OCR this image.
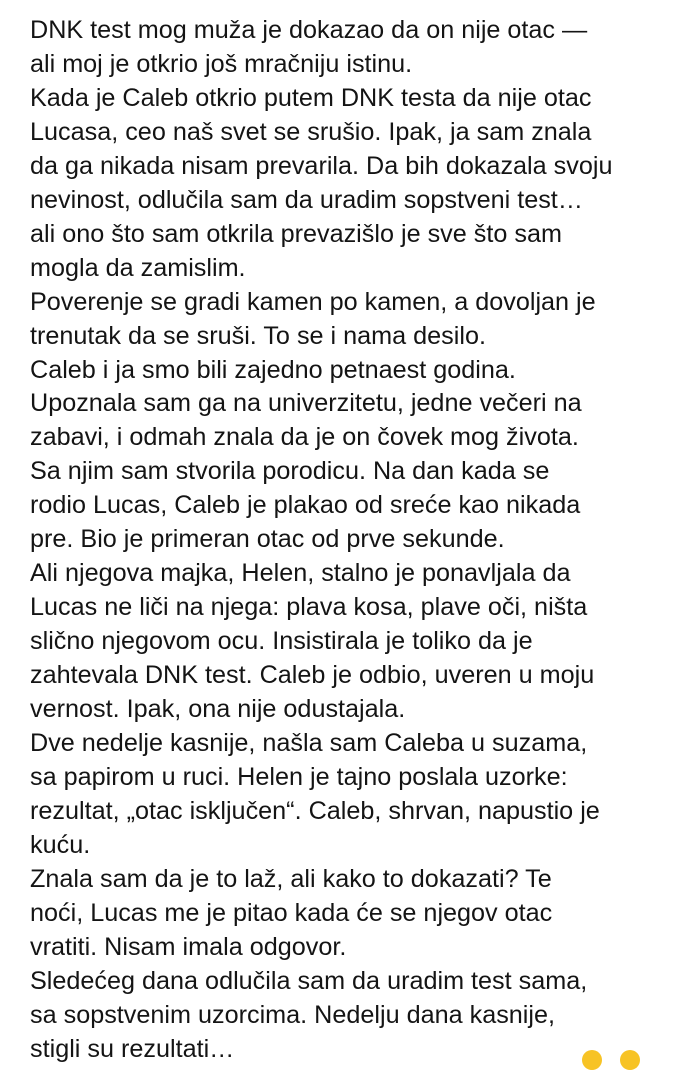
DNK test mog muža je dokazao da on nije otac —
ali moj je otkrio još mračniju istinu.
Kada je Caleb otkrio putem DNK testa da nije otac
Lucasa, ceo naš svet se srušio. Ipak, ja sam znala
da ga nikada nisam prevarila. Da bih dokazala svoju
nevinost, odlučila sam da uradim sopstveni test…
ali ono što sam otkrila prevazišlo je sve što sam
mogla da zamislim.
Poverenje se gradi kamen po kamen, a dovoljan je
trenutak da se sruši. To se i nama desilo.
Caleb i ja smo bili zajedno petnaest godina.
Upoznala sam ga na univerzitetu, jedne večeri na
zabavi, i odmah znala da je on čovek mog života.
Sa njim sam stvorila porodicu. Na dan kada se
rodio Lucas, Caleb je plakao od sreće kao nikada
pre. Bio je primeran otac od prve sekunde.
Ali njegova majka, Helen, stalno je ponavljala da
Lucas ne liči na njega: plava kosa, plave oči, ništa
slično njegovom ocu. Insistirala je toliko da je
zahtevala DNK test. Caleb je odbio, uveren u moju
vernost. Ipak, ona nije odustajala.
Dve nedelje kasnije, našla sam Caleba u suzama,
sa papirom u ruci. Helen je tajno poslala uzorke:
rezultat, „otac isključen“. Caleb, shrvan, napustio je
kuću.
Znala sam da je to laž, ali kako to dokazati? Te
noći, Lucas me je pitao kada će se njegov otac
vratiti. Nisam imala odgovor.
Sledećeg dana odlučila sam da uradim test sama,
sa sopstvenim uzorcima. Nedelju dana kasnije,
stigli su rezultati…
